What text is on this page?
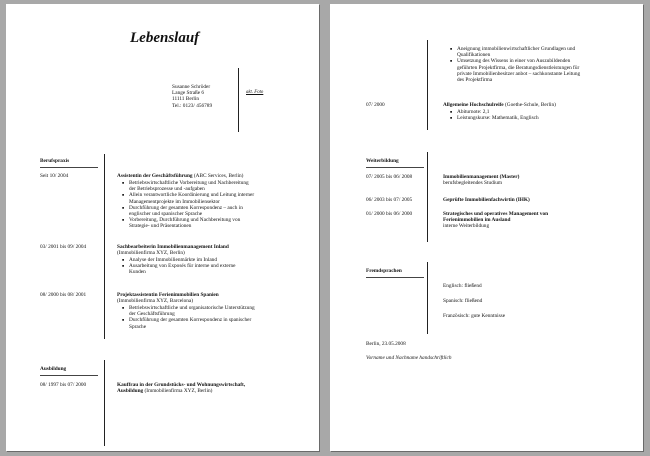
Lebenslauf
Susanne Schröder
Lange Straße 6
11111 Berlin
Tel.: 0123/ 456789
akt. Foto
Berufspraxis
Seit 10/ 2004	Assistentin der Geschäftsführung (ABC Services, Berlin)
■ Betriebswirtschaftliche Vorbereitung und Nachbereitung
der Betriebsprozesse und -aufgaben
■ Allein verantwortliche Koordinierung und Leitung interner
Managementprojekte im Immobiliensektor
■ Durchführung der gesamten Korrespondenz – auch in
englischer und spanischer Sprache
■ Vorbereitung, Durchführung und Nachbereitung von
Strategie- und Präsentationen
03/ 2001 bis 09/ 2004	Sachbearbeiterin Immobilienmanagement Inland
(Immobilienfirma XYZ, Berlin)
■ Analyse der Immobilienmärkte im Inland
■ Ausarbeitung von Exposés für interne und externe
Kunden
08/ 2000 bis 08/ 2001	Projektassistentin Ferienimmobilien Spanien
(Immobilienfirma XYZ, Barcelona)
■ Betriebswirtschaftliche und organisatorische Unterstützung
der Geschäftsführung
■ Durchführung der gesamten Korrespondenz in spanischer
Sprache
Ausbildung
08/ 1997 bis 07/ 2000	Kauffrau in der Grundstücks- und Wohnungswirtschaft,
Ausbildung (Immobilienfirma XYZ, Berlin)
■ Aneignung immobilienwirtschaftlicher Grundlagen und
Qualifikationen
■ Umsetzung des Wissens in einer von Auszubildenden
geführten Projektfirma, die Beratungsdienstleistungen für
private Immobilienbesitzer anbot – sachkonstante Leitung
des Projektfirma
07/ 2000	Allgemeine Hochschulreife (Goethe-Schule, Berlin)
■ Abiturnote: 2,1
■ Leistungskurse: Mathematik, Englisch
Weiterbildung
07/ 2005 bis 06/ 2008	Immobilienmanagement (Master)
berufsbegleitendes Studium
06/ 2003 bis 07/ 2005	Geprüfte Immobilienfachwirtin (IHK)
01/ 2000 bis 06/ 2000	Strategisches und operatives Management von
Ferienimmobilien im Ausland
interne Weiterbildung
Fremdsprachen
Englisch: fließend
Spanisch: fließend
Französisch: gute Kenntnisse
Berlin, 23.05.2008
Vorname und Nachname handschriftlich
